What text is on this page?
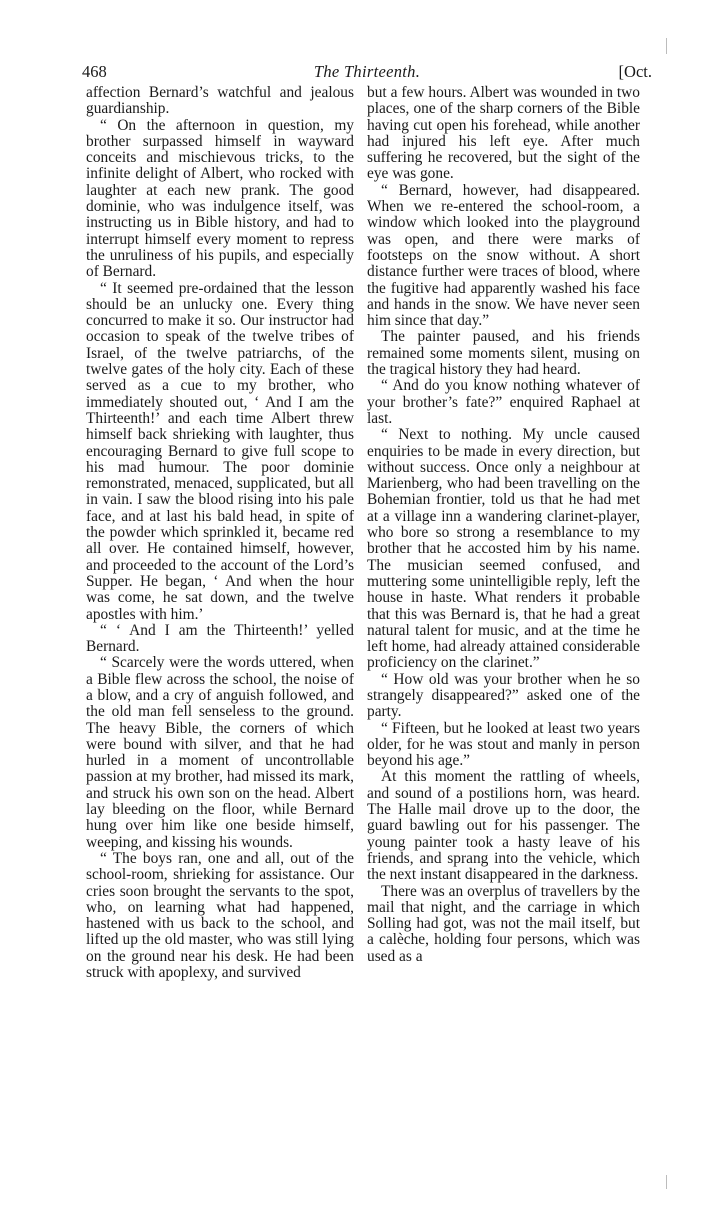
468	The Thirteenth.	[Oct.

affection Bernard’s watchful and jealous guardianship.

“ On the afternoon in question, my brother surpassed himself in wayward conceits and mischievous tricks, to the infinite delight of Albert, who rocked with laughter at each new prank. The good dominie, who was indulgence itself, was instructing us in Bible history, and had to interrupt himself every moment to repress the unruliness of his pupils, and especially of Bernard.

“ It seemed pre-ordained that the lesson should be an unlucky one. Every thing concurred to make it so. Our instructor had occasion to speak of the twelve tribes of Israel, of the twelve patriarchs, of the twelve gates of the holy city. Each of these served as a cue to my brother, who immediately shouted out, ‘ And I am the Thirteenth!’ and each time Albert threw himself back shrieking with laughter, thus encouraging Bernard to give full scope to his mad humour. The poor dominie remonstrated, menaced, supplicated, but all in vain. I saw the blood rising into his pale face, and at last his bald head, in spite of the powder which sprinkled it, became red all over. He contained himself, however, and proceeded to the account of the Lord’s Supper. He began, ‘ And when the hour was come, he sat down, and the twelve apostles with him.’

“ ‘ And I am the Thirteenth!’ yelled Bernard.

“ Scarcely were the words uttered, when a Bible flew across the school, the noise of a blow, and a cry of anguish followed, and the old man fell senseless to the ground. The heavy Bible, the corners of which were bound with silver, and that he had hurled in a moment of uncontrollable passion at my brother, had missed its mark, and struck his own son on the head. Albert lay bleeding on the floor, while Bernard hung over him like one beside himself, weeping, and kissing his wounds.

“ The boys ran, one and all, out of the school-room, shrieking for assistance. Our cries soon brought the servants to the spot, who, on learning what had happened, hastened with us back to the school, and lifted up the old master, who was still lying on the ground near his desk. He had been struck with apoplexy, and survived

but a few hours. Albert was wounded in two places, one of the sharp corners of the Bible having cut open his forehead, while another had injured his left eye. After much suffering he recovered, but the sight of the eye was gone.

“ Bernard, however, had disappeared. When we re-entered the school-room, a window which looked into the playground was open, and there were marks of footsteps on the snow without. A short distance further were traces of blood, where the fugitive had apparently washed his face and hands in the snow. We have never seen him since that day.”

The painter paused, and his friends remained some moments silent, musing on the tragical history they had heard.

“ And do you know nothing whatever of your brother’s fate?” enquired Raphael at last.

“ Next to nothing. My uncle caused enquiries to be made in every direction, but without success. Once only a neighbour at Marienberg, who had been travelling on the Bohemian frontier, told us that he had met at a village inn a wandering clarinet-player, who bore so strong a resemblance to my brother that he accosted him by his name. The musician seemed confused, and muttering some unintelligible reply, left the house in haste. What renders it probable that this was Bernard is, that he had a great natural talent for music, and at the time he left home, had already attained considerable proficiency on the clarinet.”

“ How old was your brother when he so strangely disappeared?” asked one of the party.

“ Fifteen, but he looked at least two years older, for he was stout and manly in person beyond his age.”

At this moment the rattling of wheels, and sound of a postilions horn, was heard. The Halle mail drove up to the door, the guard bawling out for his passenger. The young painter took a hasty leave of his friends, and sprang into the vehicle, which the next instant disappeared in the darkness.

There was an overplus of travellers by the mail that night, and the carriage in which Solling had got, was not the mail itself, but a calèche, holding four persons, which was used as a
